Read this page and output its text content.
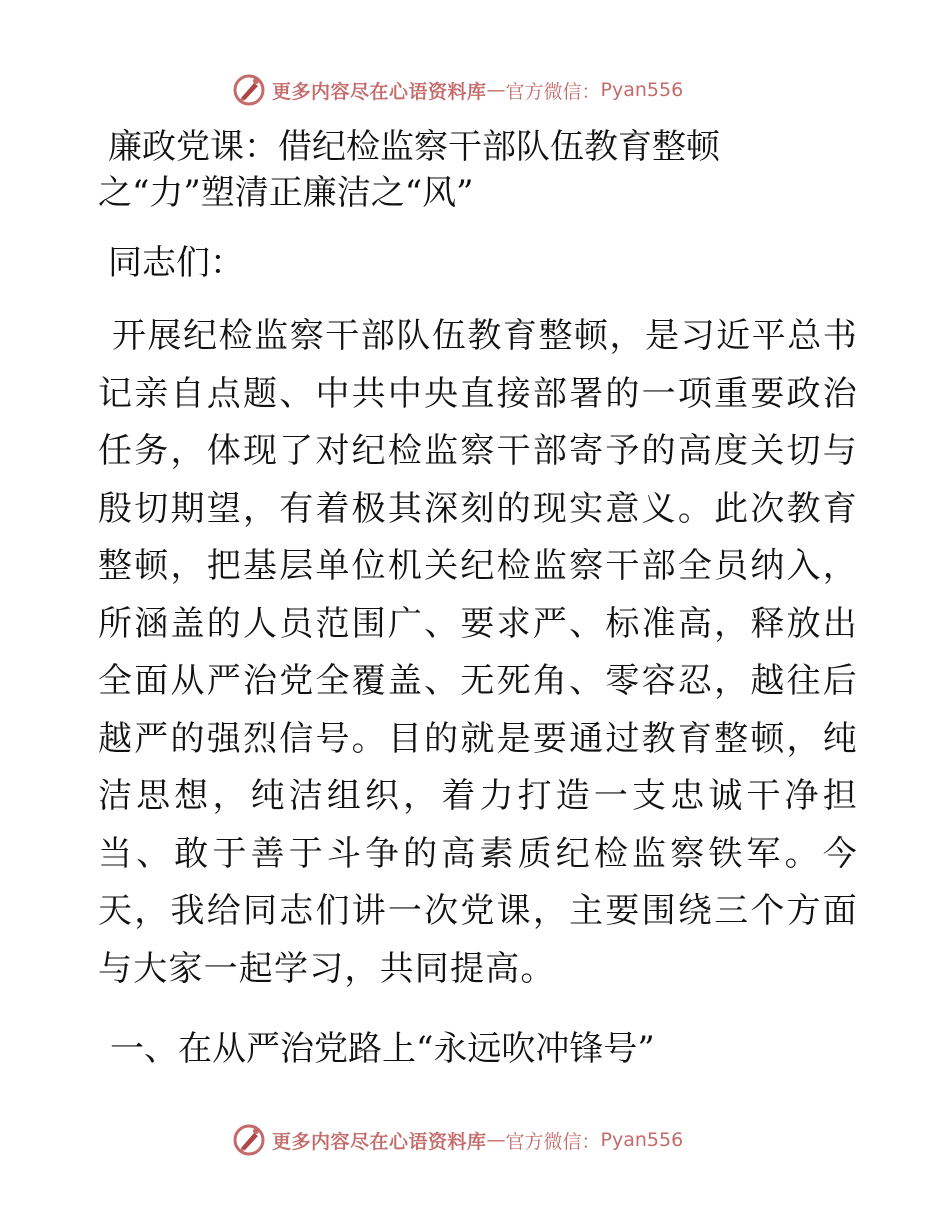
更多内容尽在心语资料库 — 官方微信： Pyan556

廉政党课：借纪检监察干部队伍教育整顿

之“力”塑清正廉洁之“风”

同志们：

开展纪检监察干部队伍教育整顿，是习近平总书记亲自点题、中共中央直接部署的一项重要政治任务，体现了对纪检监察干部寄予的高度关切与殷切期望，有着极其深刻的现实意义。此次教育整顿，把基层单位机关纪检监察干部全员纳入，所涵盖的人员范围广、要求严、标准高，释放出全面从严治党全覆盖、无死角、零容忍，越往后越严的强烈信号。目的就是要通过教育整顿，纯洁思想，纯洁组织，着力打造一支忠诚干净担当、敢于善于斗争的高素质纪检监察铁军。今天，我给同志们讲一次党课，主要围绕三个方面与大家一起学习，共同提高。

一、在从严治党路上“永远吹冲锋号”

更多内容尽在心语资料库 — 官方微信： Pyan556
